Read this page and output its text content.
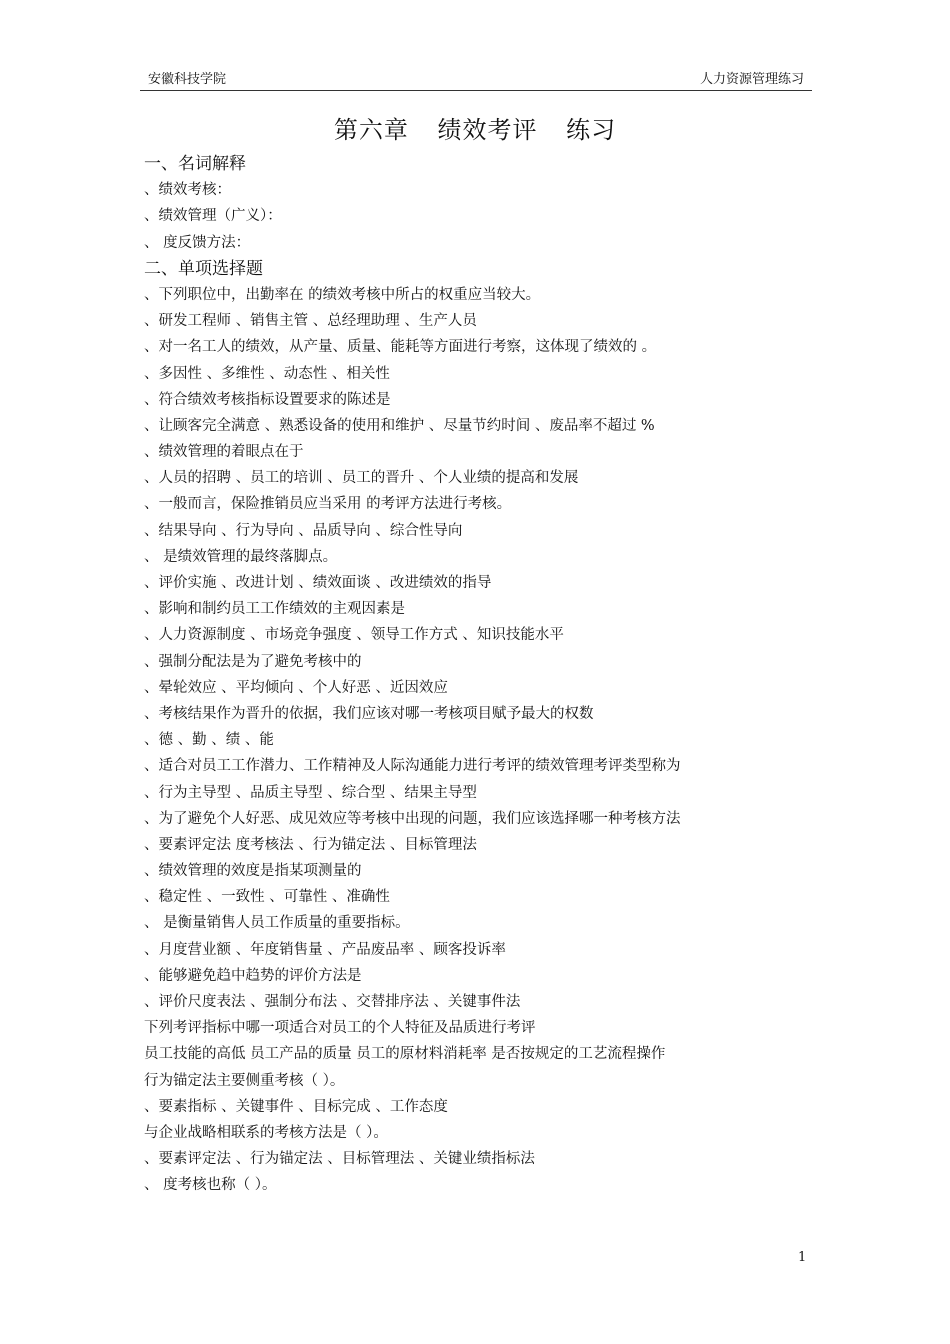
安徽科技学院	人力资源管理练习
第六章 绩效考评 练习
一、名词解释
、绩效考核：
、绩效管理（广义）：
、 度反馈方法：
二、单项选择题
、下列职位中，出勤率在 的绩效考核中所占的权重应当较大。
、研发工程师 、销售主管 、总经理助理 、生产人员
、对一名工人的绩效，从产量、质量、能耗等方面进行考察，这体现了绩效的 。
、多因性 、多维性 、动态性 、相关性
、符合绩效考核指标设置要求的陈述是
、让顾客完全满意 、熟悉设备的使用和维护 、尽量节约时间 、废品率不超过 %
、绩效管理的着眼点在于
、人员的招聘 、员工的培训 、员工的晋升 、个人业绩的提高和发展
、一般而言，保险推销员应当采用 的考评方法进行考核。
、结果导向 、行为导向 、品质导向 、综合性导向
、 是绩效管理的最终落脚点。
、评价实施 、改进计划 、绩效面谈 、改进绩效的指导
、影响和制约员工工作绩效的主观因素是
、人力资源制度 、市场竞争强度 、领导工作方式 、知识技能水平
、强制分配法是为了避免考核中的
、晕轮效应 、平均倾向 、个人好恶 、近因效应
、考核结果作为晋升的依据，我们应该对哪一考核项目赋予最大的权数
、德 、勤 、绩 、能
、适合对员工工作潜力、工作精神及人际沟通能力进行考评的绩效管理考评类型称为
、行为主导型 、品质主导型 、综合型 、结果主导型
、为了避免个人好恶、成见效应等考核中出现的问题，我们应该选择哪一种考核方法
、要素评定法 度考核法 、行为锚定法 、目标管理法
、绩效管理的效度是指某项测量的
、稳定性 、一致性 、可靠性 、准确性
、 是衡量销售人员工作质量的重要指标。
、月度营业额 、年度销售量 、产品废品率 、顾客投诉率
、能够避免趋中趋势的评价方法是
、评价尺度表法 、强制分布法 、交替排序法 、关键事件法
下列考评指标中哪一项适合对员工的个人特征及品质进行考评
员工技能的高低 员工产品的质量 员工的原材料消耗率 是否按规定的工艺流程操作
行为锚定法主要侧重考核（ ）。
、要素指标 、关键事件 、目标完成 、工作态度
与企业战略相联系的考核方法是（ ）。
、要素评定法 、行为锚定法 、目标管理法 、关键业绩指标法
、 度考核也称（ ）。
1
